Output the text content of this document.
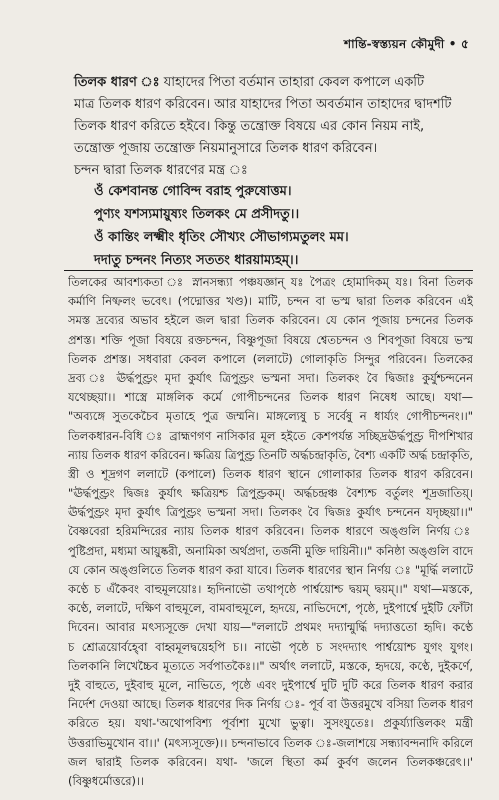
শান্তি-স্বস্ত্যয়ন কৌমুদী • ৫
তিলক ধারণ ঃ যাহাদের পিতা বর্তমান তাহারা কেবল কপালে একটি
মাত্র তিলক ধারণ করিবেন। আর যাহাদের পিতা অবর্তমান তাহাদের দ্বাদশটি
তিলক ধারণ করিতে হইবে। কিন্তু তন্ত্রোক্ত বিষয়ে এর কোন নিয়ম নাই,
তন্ত্রোক্ত পূজায় তন্ত্রোক্ত নিয়মানুসারে তিলক ধারণ করিবেন।
চন্দন দ্বারা তিলক ধারণের মন্ত্র ঃ
ওঁ কেশবানন্ত গোবিন্দ বরাহ পুরুষোত্তম।
পুণ্যং যশস্যমায়ুষ্যং তিলকং মে প্রসীদতু।।
ওঁ কান্তিং লক্ষ্মীং ধৃতিং সৌখ্যং সৌভাগ্যমতুলং মম।
দদাতু চন্দনং নিত্যং সততং ধারয়াম্যহম্।।
তিলকের আবশ্যকতা ঃ স্নানসন্ধ্যা পঞ্চযজ্ঞান্‌ যঃ পৈত্রং হোমাদিকম্‌ যঃ। বিনা তিলক
কর্মাণি নিষ্ফলং ভবেৎ। (পদ্মোত্তর খণ্ড)। মাটি, চন্দন বা ভস্ম দ্বারা তিলক করিবেন এই
সমস্ত দ্রব্যের অভাব হইলে জল দ্বারা তিলক করিবেন। যে কোন পূজায় চন্দনের তিলক
প্রশস্ত। শক্তি পূজা বিষয়ে রক্তচন্দন, বিষ্ণুপূজা বিষয়ে শ্বেতচন্দন ও শিবপূজা বিষয়ে ভস্ম
তিলক প্রশস্ত। সধবারা কেবল কপালে (ললাটে) গোলাকৃতি সিন্দুর পরিবেন। তিলকের
দ্রব্য ঃ ঊর্দ্ধপুণ্ড্রং মৃদা কুর্যাৎ ত্রিপুণ্ড্রং ভস্মনা সদা। তিলকং বৈ দ্বিজাঃ কুর্যুশ্চন্দনেন
যথেচ্ছয়া।। শাস্ত্রে মাঙ্গলিক কর্মে গোপীচন্দনের তিলক ধারণ নিষেধ আছে। যথা—
"অব্যঙ্গে সুতকেচৈব মৃতাহে পুত্র জম্মনি। মাঙ্গল্যেষু চ সর্বেষু ন ধার্য্যং গোপীচন্দনং।।"
তিলকধারন-বিধি ঃ ব্রাহ্মণগণ নাসিকার মূল হইতে কেশপর্যন্ত সচ্ছিদ্রঊর্দ্ধপুণ্ড্র দীপশিখার
ন্যায় তিলক ধারণ করিবেন। ক্ষত্রিয় ত্রিপুণ্ড্র তিনটি অর্দ্ধচন্দ্রাকৃতি, বৈশ্য একটি অর্দ্ধ চন্দ্রাকৃতি,
স্ত্রী ও শূদ্রগণ ললাটে (কপালে) তিলক ধারণ স্থানে গোলাকার তিলক ধারণ করিবেন।
"ঊর্দ্ধপুণ্ড্রং দ্বিজঃ কুর্যাৎ ক্ষত্রিয়শ্চ ত্রিপুণ্ড্রকম্‌। অর্দ্ধচন্দ্রঞ্চ বৈশ্যশ্চ বর্তুলং শূদ্রজাতিয়্‌।
ঊর্দ্ধপুণ্ড্রং মৃদা কুর্যাৎ ত্রিপুণ্ড্রং ভস্মনা সদা। তিলকং বৈ দ্বিজঃ কুর্যাৎ চন্দনেন যদৃচ্ছয়া।।"
বৈষ্ণবেরা হরিমন্দিরের ন্যায় তিলক ধারণ করিবেন। তিলক ধারণে অঙ্গুলি নির্ণয় ঃ
পুষ্টিপ্রদা, মধ্যমা আয়ুষ্করী, অনামিকা অর্থপ্রদা, তর্জনী মুক্তি দায়িনী।।" কনিষ্ঠা অঙ্গুলি বাদে
যে কোন অঙ্গুলিতে তিলক ধারণ করা যাবে। তিলক ধারণের স্থান নির্ণয় ঃ "মূর্দ্ধি ললাটে
কণ্ঠে চ এঁকৈবং বাহুমূলয়োঃ। হৃদিনাভৌ তথাপৃষ্ঠে পার্শ্বয়োশ্চ দ্বয়ম্‌ দ্বয়ম্‌।।" যথা—মস্তকে,
কণ্ঠে, ললাটে, দক্ষিণ বাহুমূলে, বামবাহুমূলে, হৃদয়ে, নাভিদেশে, পৃষ্ঠে, দুইপার্শ্বে দুইটি ফোঁটা
দিবেন। আবার মৎস্যসূক্তে দেখা যায়—"ললাটে প্রথমং দদ্যান্মুর্দ্ধি দদ্যাত্ততো হৃদি। কণ্ঠে
চ শ্রোত্রয়োর্বহে্বা বাহ্বমূলদ্বয়েহপি চ।। নাভৌ পৃষ্ঠে চ সংদদ্যাৎ পার্শ্বয়োশ্চ যুগং যুগং।
তিলকানি লিখেচ্চৈব মূত্যতে সর্বপাতকৈঃ।।" অর্থাৎ ললাটে, মস্তকে, হৃদয়ে, কণ্ঠে, দুইকর্ণে,
দুই বাহুতে, দুইবাহু মূলে, নাভিতে, পৃষ্ঠে এবং দুইপার্শ্বে দুটি দুটি করে তিলক ধারণ করার
নির্দেশ দেওয়া আছে। তিলক ধারণের দিক নির্ণয় ঃ- পূর্ব বা উত্তরমুখে বসিয়া তিলক ধারণ
করিতে হয়। যথা-'অথোপবিশ্য পূর্বাশা মুখো ভুত্বা। সুসংযুতেঃ। প্রকুর্য্যাত্তিলকং মন্ত্রী
উত্তরাভিমুখোন বা।।' (মৎস্যসূক্তে)।। চন্দনাভাবে তিলক ঃ-জলাশয়ে সন্ধ্যাবন্দনাদি করিলে
জল দ্বারাই তিলক করিবেন। যথা- 'জলে স্থিতা কর্ম কুর্বণ জলেন তিলকঞ্চরেৎ।।'
(বিষ্ণুধর্মোত্তরে)।।
